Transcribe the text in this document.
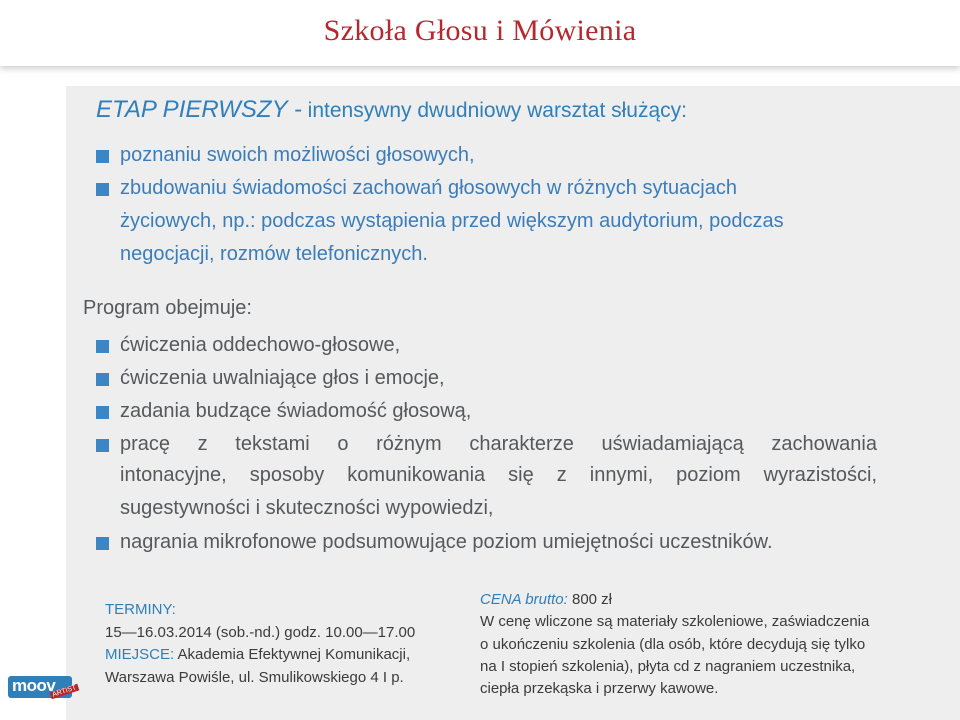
Szkoła Głosu i Mówienia
ETAP PIERWSZY - intensywny dwudniowy warsztat służący:
poznaniu swoich możliwości głosowych,
zbudowaniu świadomości zachowań głosowych w różnych sytuacjach
życiowych, np.: podczas wystąpienia przed większym audytorium, podczas
negocjacji, rozmów telefonicznych.
Program obejmuje:
ćwiczenia oddechowo-głosowe,
ćwiczenia uwalniające głos i emocje,
zadania budzące świadomość głosową,
pracę z tekstami o różnym charakterze uświadamiającą zachowania
intonacyjne, sposoby komunikowania się z innymi, poziom wyrazistości,
sugestywności i skuteczności wypowiedzi,
nagrania mikrofonowe podsumowujące poziom umiejętności uczestników.
TERMINY:
15—16.03.2014 (sob.-nd.) godz. 10.00—17.00
MIEJSCE: Akademia Efektywnej Komunikacji,
Warszawa Powiśle, ul. Smulikowskiego 4 I p.
CENA brutto: 800 zł
W cenę wliczone są materiały szkoleniowe, zaświadczenia
o ukończeniu szkolenia (dla osób, które decydują się tylko
na I stopień szkolenia), płyta cd z nagraniem uczestnika,
ciepła przekąska i przerwy kawowe.
moov
ARTIST
